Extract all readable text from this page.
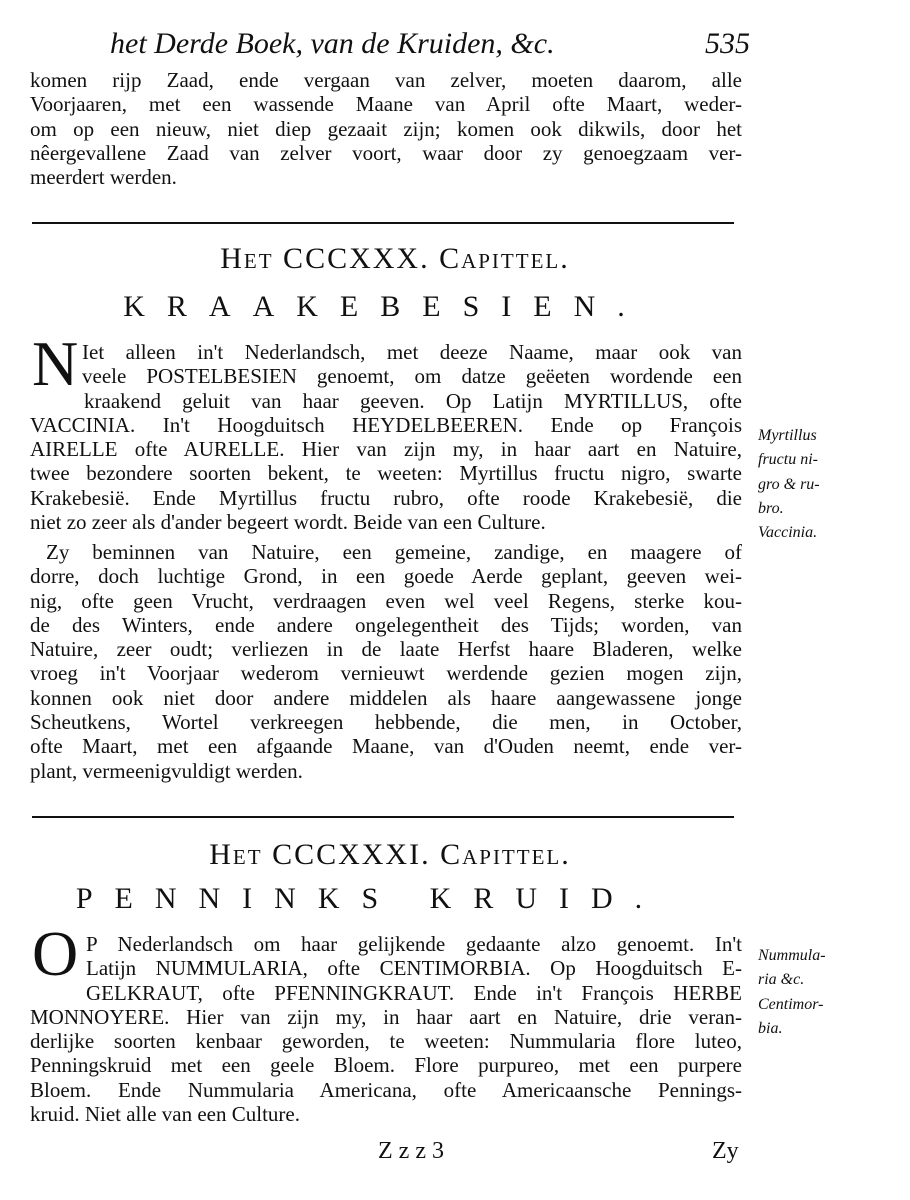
het Derde Boek, van de Kruiden, &c.	535
komen rijp Zaad, ende vergaan van zelver, moeten daarom, alle
Voorjaaren, met een wassende Maane van April ofte Maart, weder-
om op een nieuw, niet diep gezaait zijn; komen ook dikwils, door het
nêergevallene Zaad van zelver voort, waar door zy genoegzaam ver-
meerdert werden.
Het CCCXXX. Capittel.
KRAAKEBESIEN.
N Iet alleen in't Nederlandsch, met deeze Naame, maar ook van
veele POSTELBESIEN genoemt, om datze geëeten wordende een
kraakend geluit van haar geeven. Op Latijn MYRTILLUS, ofte
VACCINIA. In't Hoogduitsch HEYDELBEEREN. Ende op François
AIRELLE ofte AURELLE. Hier van zijn my, in haar aart en Natuire,
twee bezondere soorten bekent, te weeten: Myrtillus fructu nigro, swarte
Krakebesië. Ende Myrtillus fructu rubro, ofte roode Krakebesië, die
niet zo zeer als d'ander begeert wordt. Beide van een Culture.
Myrtillus
fructu ni-
gro & ru-
bro.
Vaccinia.
Zy beminnen van Natuire, een gemeine, zandige, en maagere of
dorre, doch luchtige Grond, in een goede Aerde geplant, geeven wei-
nig, ofte geen Vrucht, verdraagen even wel veel Regens, sterke kou-
de des Winters, ende andere ongelegentheit des Tijds; worden, van
Natuire, zeer oudt; verliezen in de laate Herfst haare Bladeren, welke
vroeg in't Voorjaar wederom vernieuwt werdende gezien mogen zijn,
konnen ook niet door andere middelen als haare aangewassene jonge
Scheutkens, Wortel verkreegen hebbende, die men, in October,
ofte Maart, met een afgaande Maane, van d'Ouden neemt, ende ver-
plant, vermeenigvuldigt werden.
Het CCCXXXI. Capittel.
PENNINKS KRUID.
O P Nederlandsch om haar gelijkende gedaante alzo genoemt. In't
Latijn NUMMULARIA, ofte CENTIMORBIA. Op Hoogduitsch E-
GELKRAUT, ofte PFENNINGKRAUT. Ende in't François HERBE
MONNOYERE. Hier van zijn my, in haar aart en Natuire, drie veran-
derlijke soorten kenbaar geworden, te weeten: Nummularia flore luteo,
Penningskruid met een geele Bloem. Flore purpureo, met een purpere
Bloem. Ende Nummularia Americana, ofte Americaansche Pennings-
kruid. Niet alle van een Culture.
Nummula-
ria &c.
Centimor-
bia.
Z z z 3	Zy
